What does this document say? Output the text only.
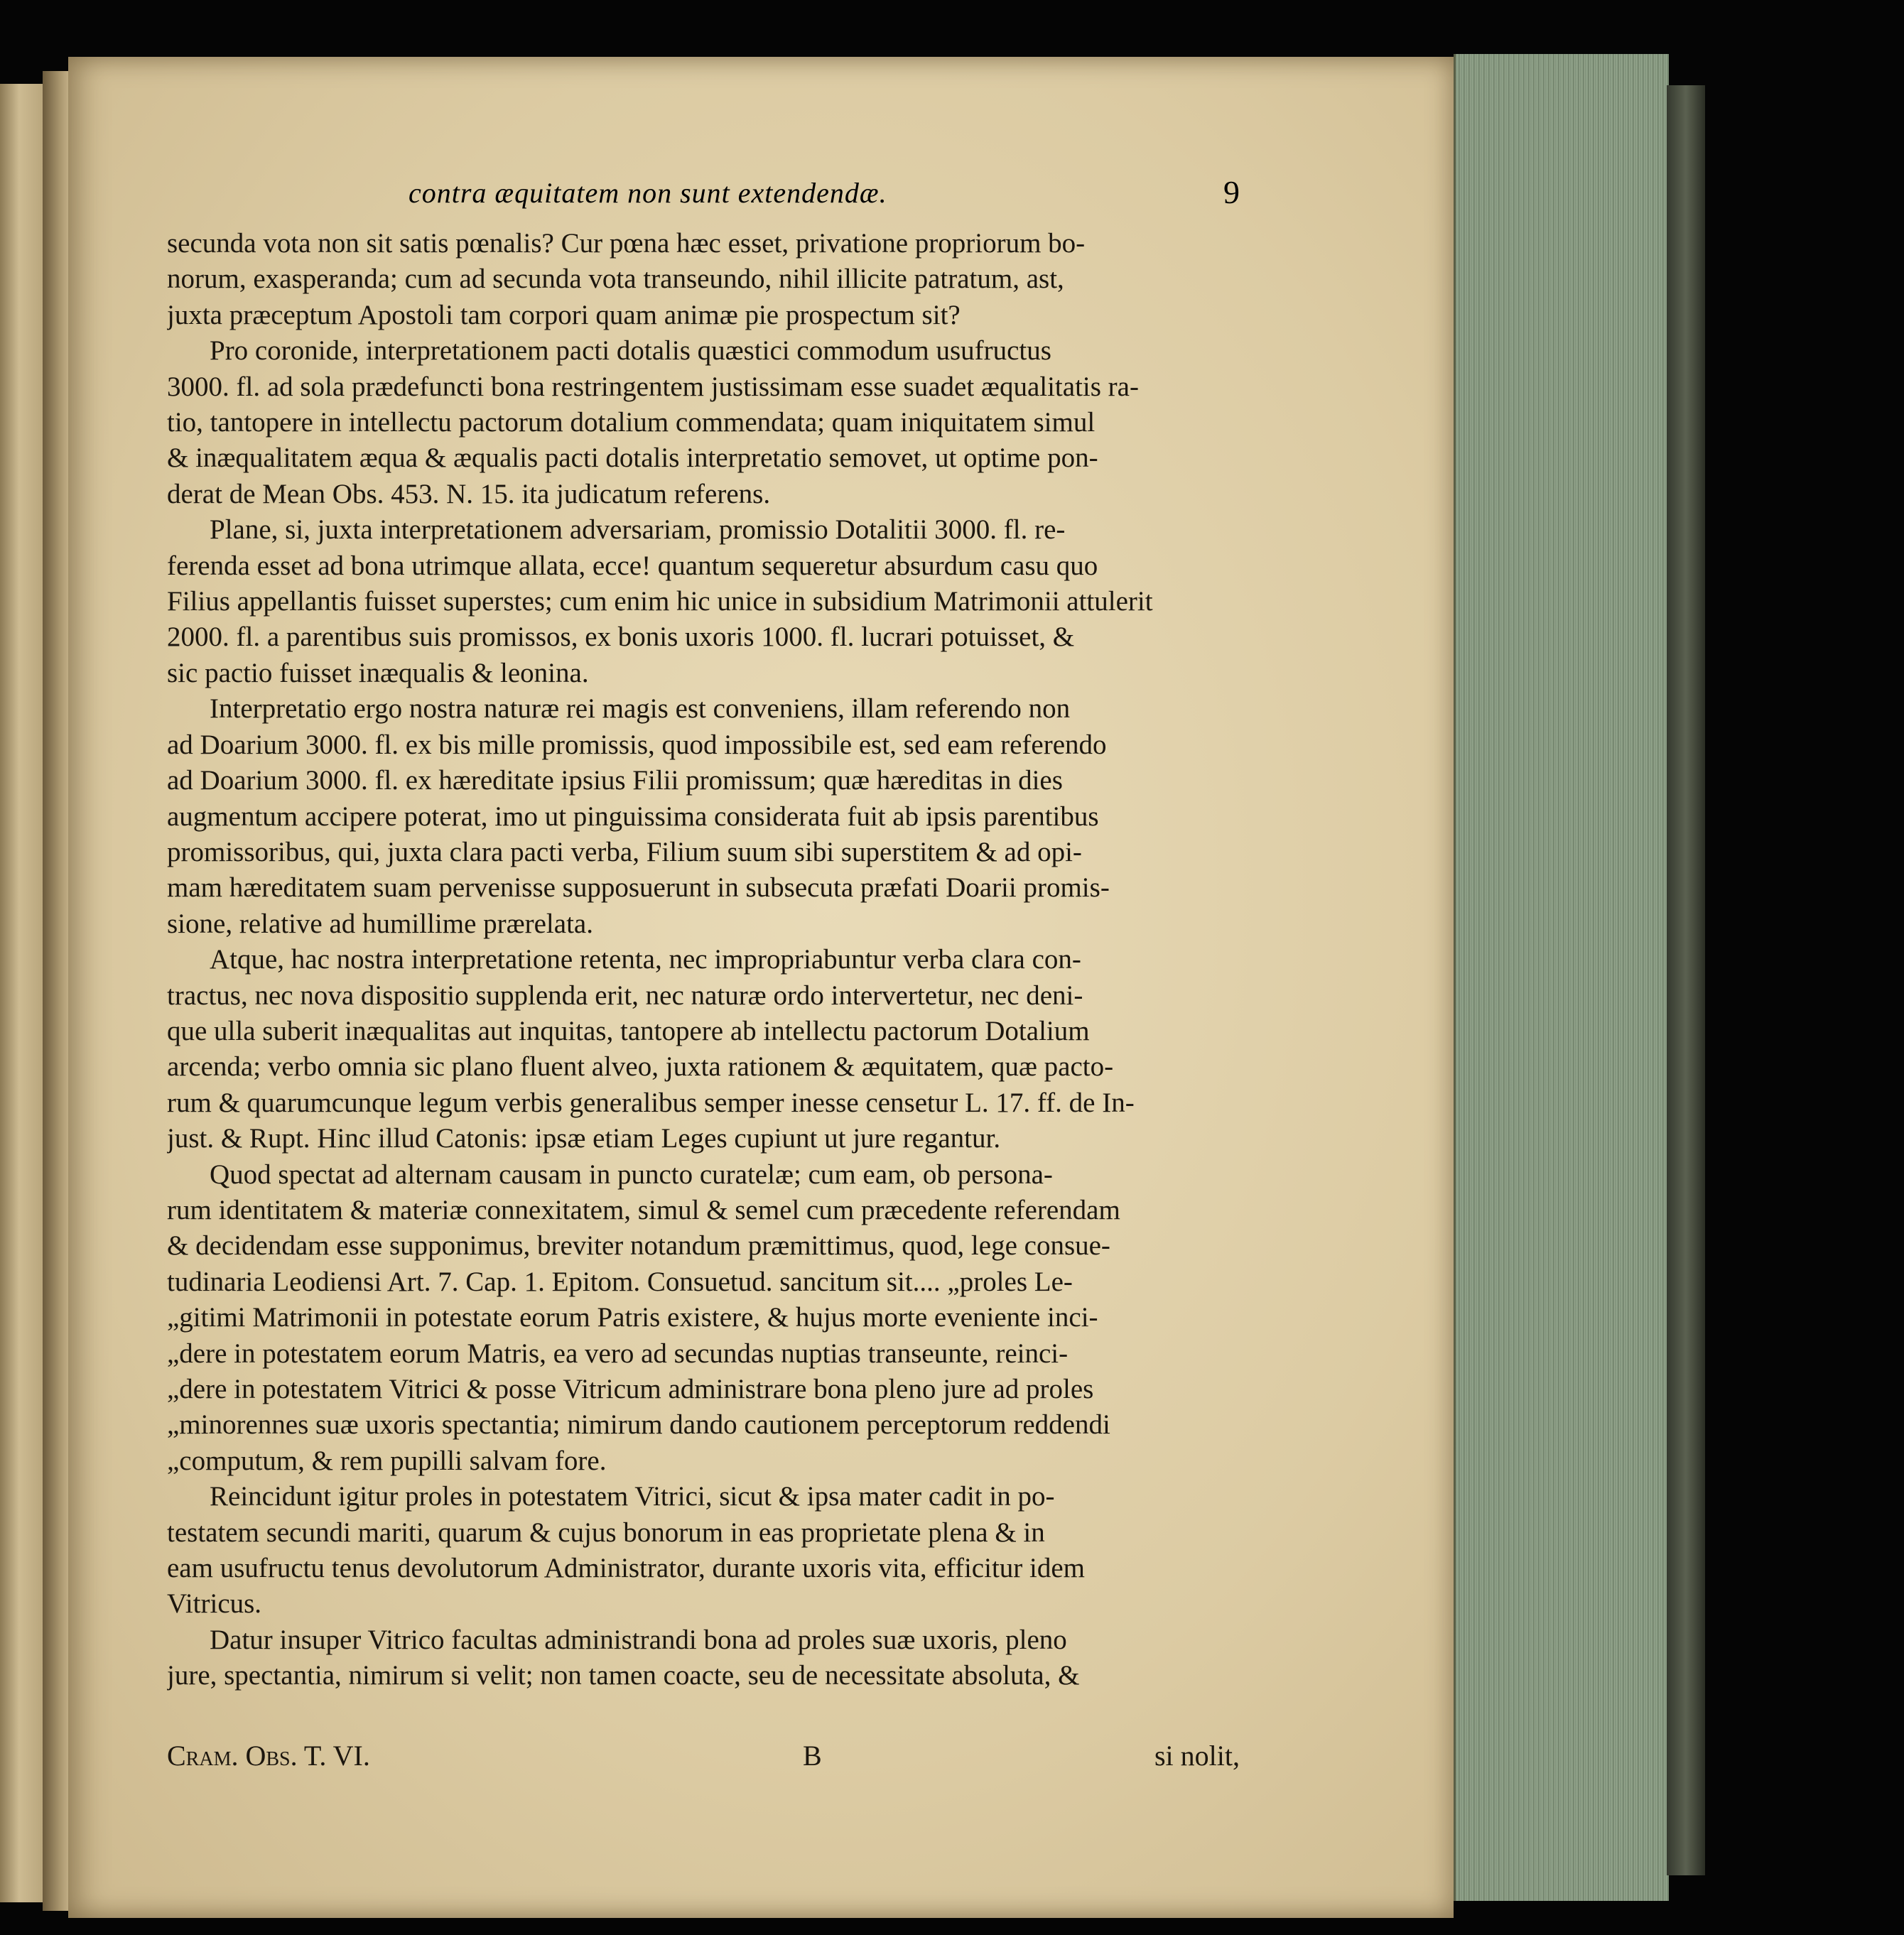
contra æquitatem non sunt extendendæ.	9
secunda vota non sit satis pœnalis? Cur pœna hæc esset, privatione propriorum bo-
norum, exasperanda; cum ad secunda vota transeundo, nihil illicite patratum, ast,
juxta præceptum Apostoli tam corpori quam animæ pie prospectum sit?
Pro coronide, interpretationem pacti dotalis quæstici commodum usufructus
3000. fl. ad sola prædefuncti bona restringentem justissimam esse suadet æqualitatis ra-
tio, tantopere in intellectu pactorum dotalium commendata; quam iniquitatem simul
& inæqualitatem æqua & æqualis pacti dotalis interpretatio semovet, ut optime pon-
derat de Mean Obs. 453. N. 15. ita judicatum referens.
Plane, si, juxta interpretationem adversariam, promissio Dotalitii 3000. fl. re-
ferenda esset ad bona utrimque allata, ecce! quantum sequeretur absurdum casu quo
Filius appellantis fuisset superstes; cum enim hic unice in subsidium Matrimonii attulerit
2000. fl. a parentibus suis promissos, ex bonis uxoris 1000. fl. lucrari potuisset, &
sic pactio fuisset inæqualis & leonina.
Interpretatio ergo nostra naturæ rei magis est conveniens, illam referendo non
ad Doarium 3000. fl. ex bis mille promissis, quod impossibile est, sed eam referendo
ad Doarium 3000. fl. ex hæreditate ipsius Filii promissum; quæ hæreditas in dies
augmentum accipere poterat, imo ut pinguissima considerata fuit ab ipsis parentibus
promissoribus, qui, juxta clara pacti verba, Filium suum sibi superstitem & ad opi-
mam hæreditatem suam pervenisse supposuerunt in subsecuta præfati Doarii promis-
sione, relative ad humillime prærelata.
Atque, hac nostra interpretatione retenta, nec impropriabuntur verba clara con-
tractus, nec nova dispositio supplenda erit, nec naturæ ordo intervertetur, nec deni-
que ulla suberit inæqualitas aut inquitas, tantopere ab intellectu pactorum Dotalium
arcenda; verbo omnia sic plano fluent alveo, juxta rationem & æquitatem, quæ pacto-
rum & quarumcunque legum verbis generalibus semper inesse censetur L. 17. ff. de In-
just. & Rupt. Hinc illud Catonis: ipsæ etiam Leges cupiunt ut jure regantur.
Quod spectat ad alternam causam in puncto curatelæ; cum eam, ob persona-
rum identitatem & materiæ connexitatem, simul & semel cum præcedente referendam
& decidendam esse supponimus, breviter notandum præmittimus, quod, lege consue-
tudinaria Leodiensi Art. 7. Cap. 1. Epitom. Consuetud. sancitum sit.... „proles Le-
„gitimi Matrimonii in potestate eorum Patris existere, & hujus morte eveniente inci-
„dere in potestatem eorum Matris, ea vero ad secundas nuptias transeunte, reinci-
„dere in potestatem Vitrici & posse Vitricum administrare bona pleno jure ad proles
„minorennes suæ uxoris spectantia; nimirum dando cautionem perceptorum reddendi
„computum, & rem pupilli salvam fore.
Reincidunt igitur proles in potestatem Vitrici, sicut & ipsa mater cadit in po-
testatem secundi mariti, quarum & cujus bonorum in eas proprietate plena & in
eam usufructu tenus devolutorum Administrator, durante uxoris vita, efficitur idem
Vitricus.
Datur insuper Vitrico facultas administrandi bona ad proles suæ uxoris, pleno
jure, spectantia, nimirum si velit; non tamen coacte, seu de necessitate absoluta, &
Cram. Obs. T. VI.	B	si nolit,
